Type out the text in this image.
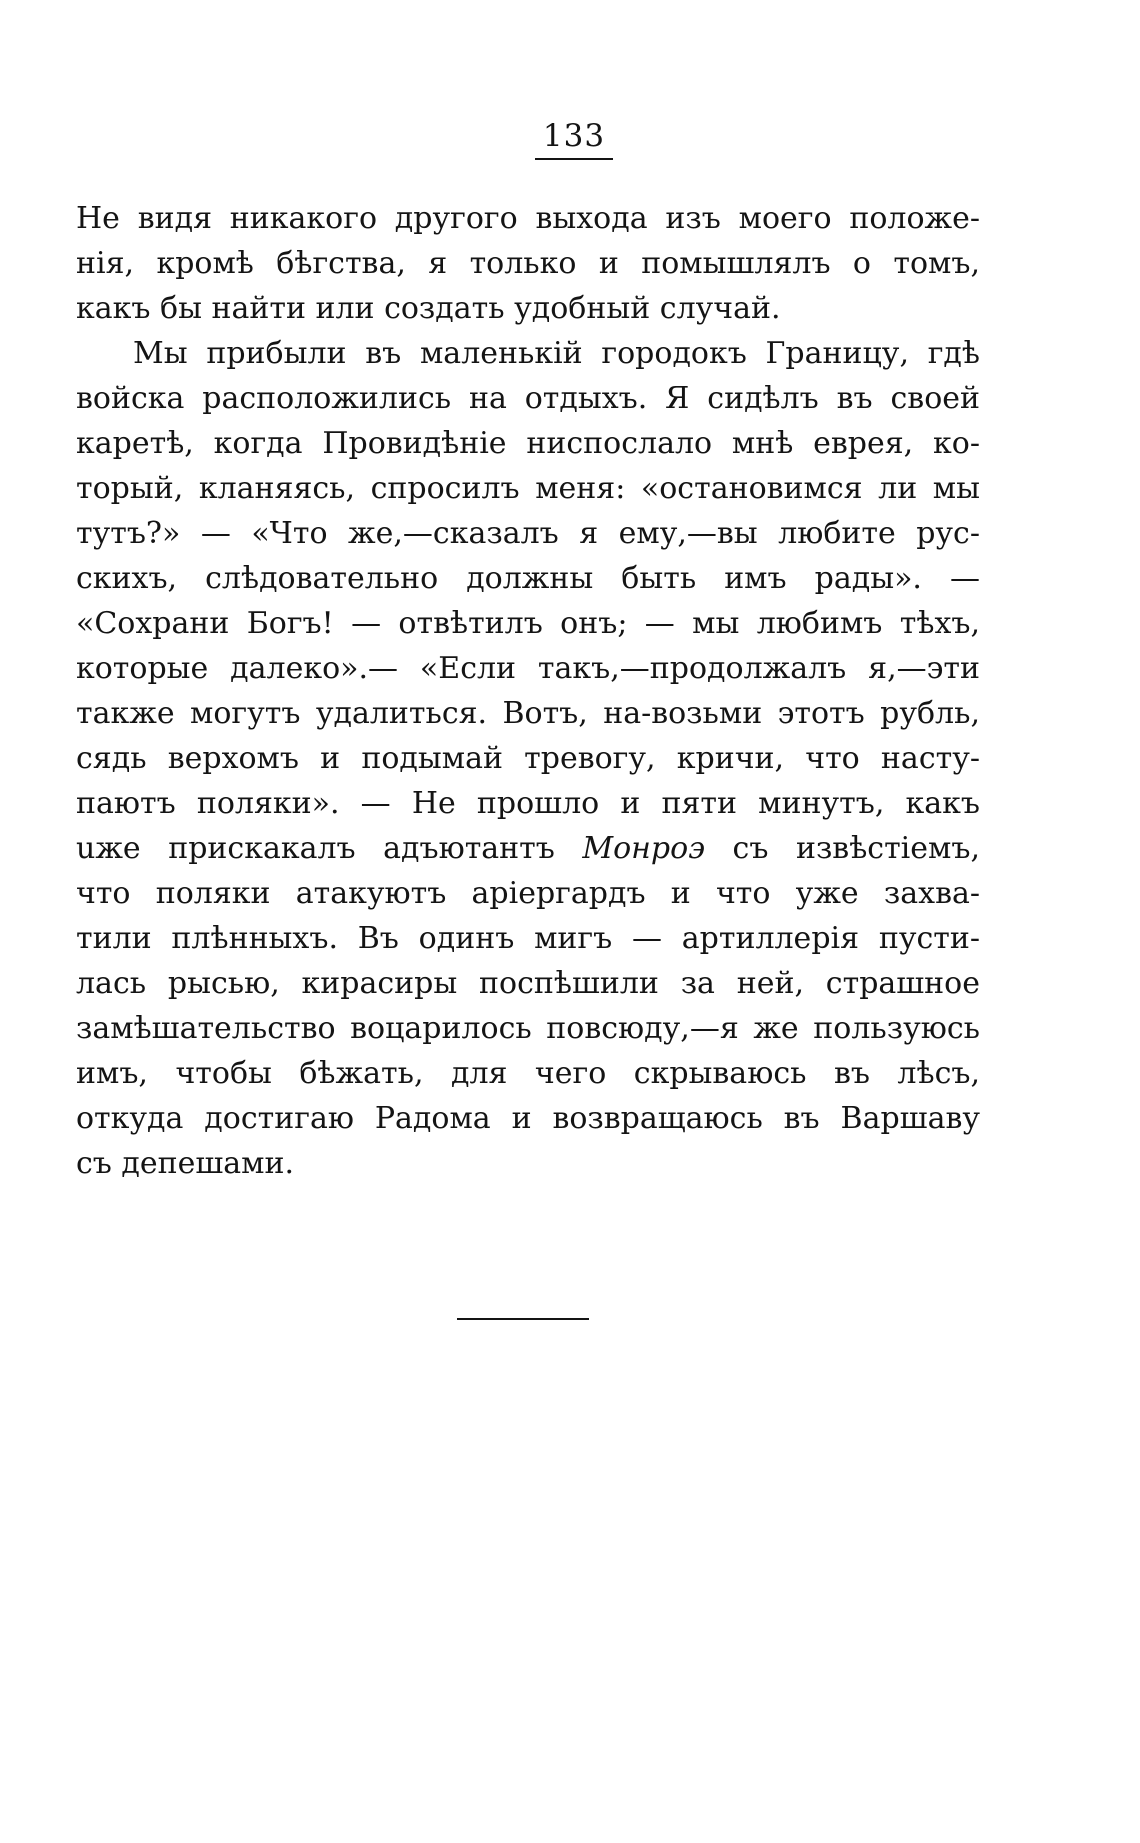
133
Не видя никакого другого выхода изъ моего положе-
нія, кромѣ бѣгства, я только и помышлялъ о томъ,
какъ бы найти или создать удобный случай.
Мы прибыли въ маленькій городокъ Границу, гдѣ
войска расположились на отдыхъ. Я сидѣлъ въ своей
каретѣ, когда Провидѣніе ниспослало мнѣ еврея, ко-
торый, кланяясь, спросилъ меня: «остановимся ли мы
тутъ?» — «Что же,—сказалъ я ему,—вы любите рус-
скихъ, слѣдовательно должны быть имъ рады». —
«Сохрани Богъ! — отвѣтилъ онъ; — мы любимъ тѣхъ,
которые далеко».— «Если такъ,—продолжалъ я,—эти
также могутъ удалиться. Вотъ, на-возьми этотъ рубль,
сядь верхомъ и подымай тревогу, кричи, что насту-
паютъ поляки». — Не прошло и пяти минутъ, какъ
uже прискакалъ адъютантъ Монроэ съ извѣстіемъ,
что поляки атакуютъ аріергардъ и что уже захва-
тили плѣнныхъ. Въ одинъ мигъ — артиллерія пусти-
лась рысью, кирасиры поспѣшили за ней, страшное
замѣшательство воцарилось повсюду,—я же пользуюсь
имъ, чтобы бѣжать, для чего скрываюсь въ лѣсъ,
откуда достигаю Радома и возвращаюсь въ Варшаву
съ депешами.
